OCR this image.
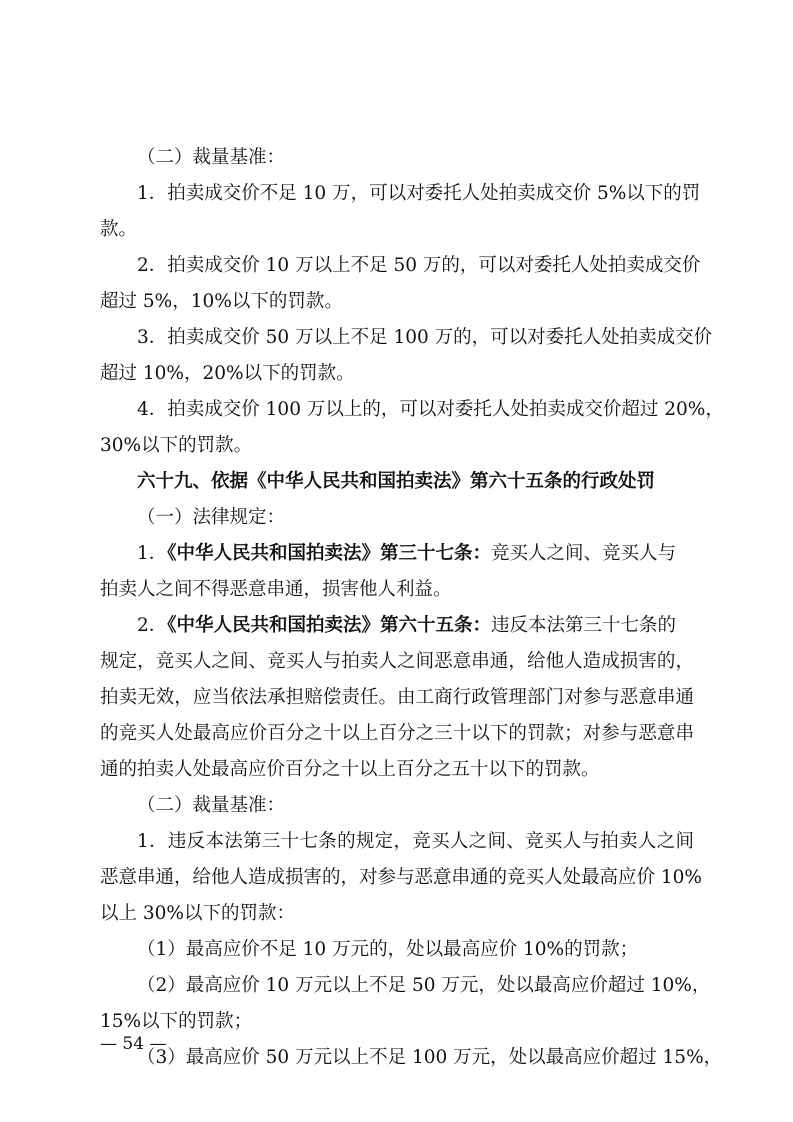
（二）裁量基准：
1．拍卖成交价不足 10 万，可以对委托人处拍卖成交价 5%以下的罚
款。
2．拍卖成交价 10 万以上不足 50 万的，可以对委托人处拍卖成交价
超过 5%，10%以下的罚款。
3．拍卖成交价 50 万以上不足 100 万的，可以对委托人处拍卖成交价
超过 10%，20%以下的罚款。
4．拍卖成交价 100 万以上的，可以对委托人处拍卖成交价超过 20%，
30%以下的罚款。
六十九、依据《中华人民共和国拍卖法》第六十五条的行政处罚
（一）法律规定：
1．《中华人民共和国拍卖法》第三十七条：竞买人之间、竞买人与
拍卖人之间不得恶意串通，损害他人利益。
2．《中华人民共和国拍卖法》第六十五条：违反本法第三十七条的
规定，竞买人之间、竞买人与拍卖人之间恶意串通，给他人造成损害的，
拍卖无效，应当依法承担赔偿责任。由工商行政管理部门对参与恶意串通
的竞买人处最高应价百分之十以上百分之三十以下的罚款；对参与恶意串
通的拍卖人处最高应价百分之十以上百分之五十以下的罚款。
（二）裁量基准：
1．违反本法第三十七条的规定，竞买人之间、竞买人与拍卖人之间
恶意串通，给他人造成损害的，对参与恶意串通的竞买人处最高应价 10%
以上 30%以下的罚款：
（1）最高应价不足 10 万元的，处以最高应价 10%的罚款；
（2）最高应价 10 万元以上不足 50 万元，处以最高应价超过 10%，
15%以下的罚款；
（3）最高应价 50 万元以上不足 100 万元，处以最高应价超过 15%，
— 54 —
